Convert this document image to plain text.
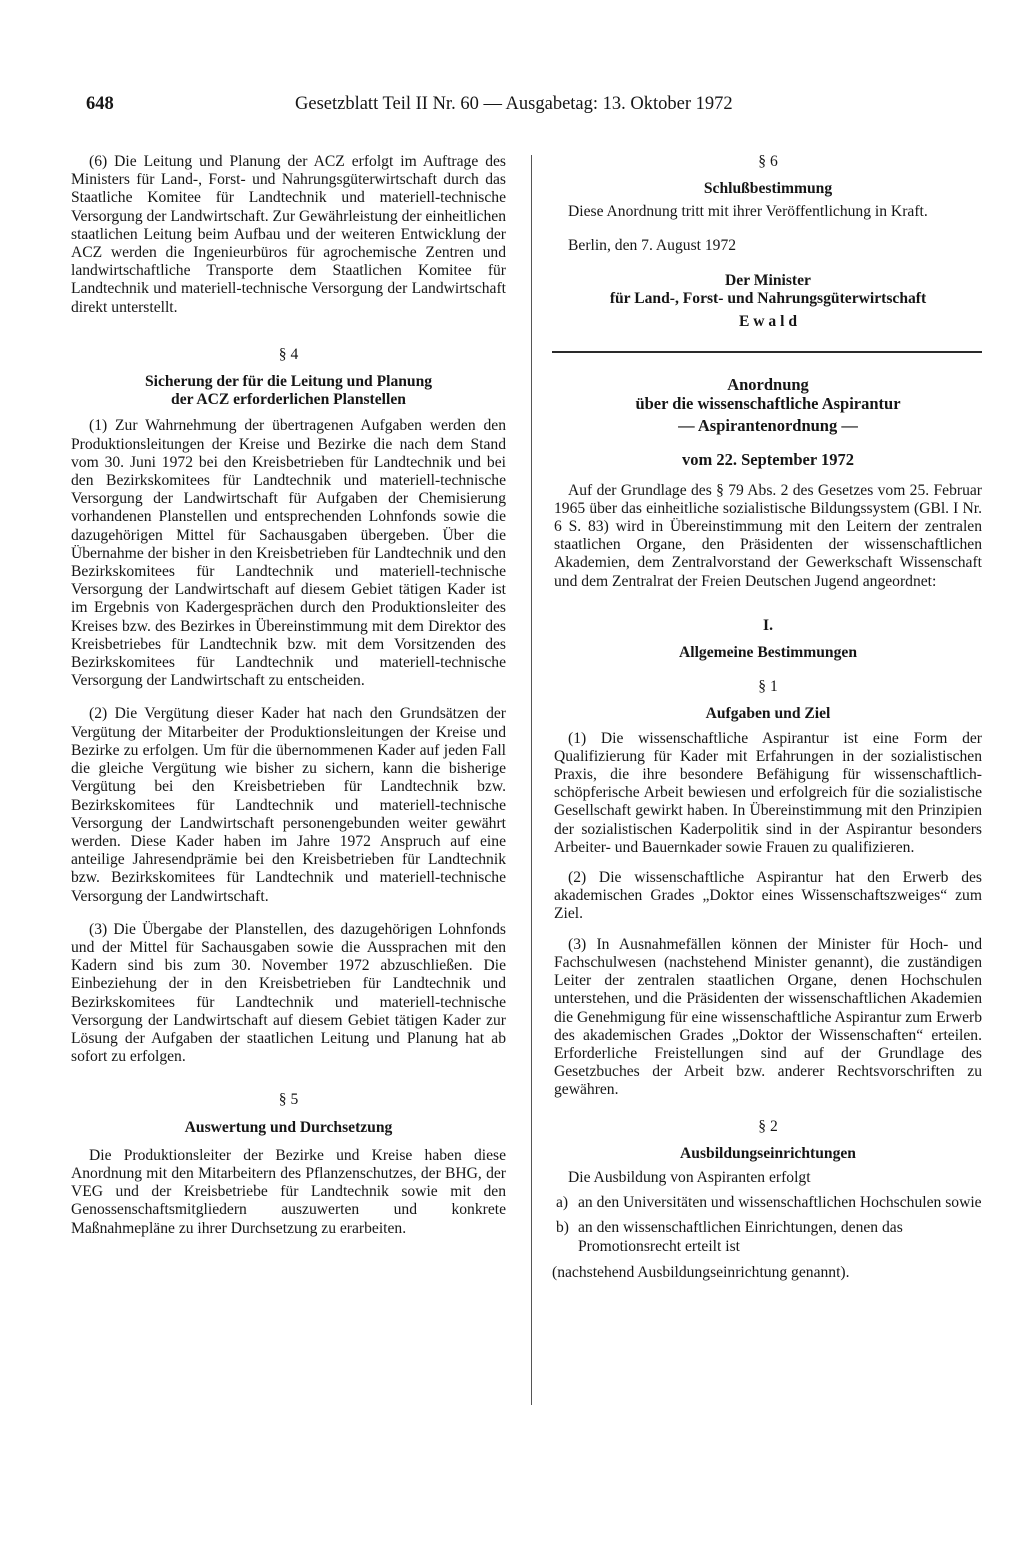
648	Gesetzblatt Teil II Nr. 60 — Ausgabetag: 13. Oktober 1972

(6) Die Leitung und Planung der ACZ erfolgt im Auftrage des Ministers für Land-, Forst- und Nahrungsgüterwirtschaft durch das Staatliche Komitee für Landtechnik und materiell-technische Versorgung der Landwirtschaft. Zur Gewährleistung der einheitlichen staatlichen Leitung beim Aufbau und der weiteren Entwicklung der ACZ werden die Ingenieurbüros für agrochemische Zentren und landwirtschaftliche Transporte dem Staatlichen Komitee für Landtechnik und materiell-technische Versorgung der Landwirtschaft direkt unterstellt.

§ 4
Sicherung der für die Leitung und Planung
der ACZ erforderlichen Planstellen

(1) Zur Wahrnehmung der übertragenen Aufgaben werden den Produktionsleitungen der Kreise und Bezirke die nach dem Stand vom 30. Juni 1972 bei den Kreisbetrieben für Landtechnik und bei den Bezirkskomitees für Landtechnik und materiell-technische Versorgung der Landwirtschaft für Aufgaben der Chemisierung vorhandenen Planstellen und entsprechenden Lohnfonds sowie die dazugehörigen Mittel für Sachausgaben übergeben. Über die Übernahme der bisher in den Kreisbetrieben für Landtechnik und den Bezirkskomitees für Landtechnik und materiell-technische Versorgung der Landwirtschaft auf diesem Gebiet tätigen Kader ist im Ergebnis von Kadergesprächen durch den Produktionsleiter des Kreises bzw. des Bezirkes in Übereinstimmung mit dem Direktor des Kreisbetriebes für Landtechnik bzw. mit dem Vorsitzenden des Bezirkskomitees für Landtechnik und materiell-technische Versorgung der Landwirtschaft zu entscheiden.

(2) Die Vergütung dieser Kader hat nach den Grundsätzen der Vergütung der Mitarbeiter der Produktionsleitungen der Kreise und Bezirke zu erfolgen. Um für die übernommenen Kader auf jeden Fall die gleiche Vergütung wie bisher zu sichern, kann die bisherige Vergütung bei den Kreisbetrieben für Landtechnik bzw. Bezirkskomitees für Landtechnik und materiell-technische Versorgung der Landwirtschaft personengebunden weiter gewährt werden. Diese Kader haben im Jahre 1972 Anspruch auf eine anteilige Jahresendprämie bei den Kreisbetrieben für Landtechnik bzw. Bezirkskomitees für Landtechnik und materiell-technische Versorgung der Landwirtschaft.

(3) Die Übergabe der Planstellen, des dazugehörigen Lohnfonds und der Mittel für Sachausgaben sowie die Aussprachen mit den Kadern sind bis zum 30. November 1972 abzuschließen. Die Einbeziehung der in den Kreisbetrieben für Landtechnik und Bezirkskomitees für Landtechnik und materiell-technische Versorgung der Landwirtschaft auf diesem Gebiet tätigen Kader zur Lösung der Aufgaben der staatlichen Leitung und Planung hat ab sofort zu erfolgen.

§ 5
Auswertung und Durchsetzung

Die Produktionsleiter der Bezirke und Kreise haben diese Anordnung mit den Mitarbeitern des Pflanzenschutzes, der BHG, der VEG und der Kreisbetriebe für Landtechnik sowie mit den Genossenschaftsmitgliedern auszuwerten und konkrete Maßnahmepläne zu ihrer Durchsetzung zu erarbeiten.

§ 6
Schlußbestimmung

Diese Anordnung tritt mit ihrer Veröffentlichung in Kraft.

Berlin, den 7. August 1972

Der Minister
für Land-, Forst- und Nahrungsgüterwirtschaft
E w a l d
Anordnung
über die wissenschaftliche Aspirantur
— Aspirantenordnung —
vom 22. September 1972

Auf der Grundlage des § 79 Abs. 2 des Gesetzes vom 25. Februar 1965 über das einheitliche sozialistische Bildungssystem (GBl. I Nr. 6 S. 83) wird in Übereinstimmung mit den Leitern der zentralen staatlichen Organe, den Präsidenten der wissenschaftlichen Akademien, dem Zentralvorstand der Gewerkschaft Wissenschaft und dem Zentralrat der Freien Deutschen Jugend angeordnet:

I.
Allgemeine Bestimmungen
§ 1
Aufgaben und Ziel

(1) Die wissenschaftliche Aspirantur ist eine Form der Qualifizierung für Kader mit Erfahrungen in der sozialistischen Praxis, die ihre besondere Befähigung für wissenschaftlich-schöpferische Arbeit bewiesen und erfolgreich für die sozialistische Gesellschaft gewirkt haben. In Übereinstimmung mit den Prinzipien der sozialistischen Kaderpolitik sind in der Aspirantur besonders Arbeiter- und Bauernkader sowie Frauen zu qualifizieren.

(2) Die wissenschaftliche Aspirantur hat den Erwerb des akademischen Grades „Doktor eines Wissenschaftszweiges“ zum Ziel.

(3) In Ausnahmefällen können der Minister für Hoch- und Fachschulwesen (nachstehend Minister genannt), die zuständigen Leiter der zentralen staatlichen Organe, denen Hochschulen unterstehen, und die Präsidenten der wissenschaftlichen Akademien die Genehmigung für eine wissenschaftliche Aspirantur zum Erwerb des akademischen Grades „Doktor der Wissenschaften“ erteilen. Erforderliche Freistellungen sind auf der Grundlage des Gesetzbuches der Arbeit bzw. anderer Rechtsvorschriften zu gewähren.

§ 2
Ausbildungseinrichtungen

Die Ausbildung von Aspiranten erfolgt

a) an den Universitäten und wissenschaftlichen Hochschulen sowie
b) an den wissenschaftlichen Einrichtungen, denen das Promotionsrecht erteilt ist

(nachstehend Ausbildungseinrichtung genannt).
